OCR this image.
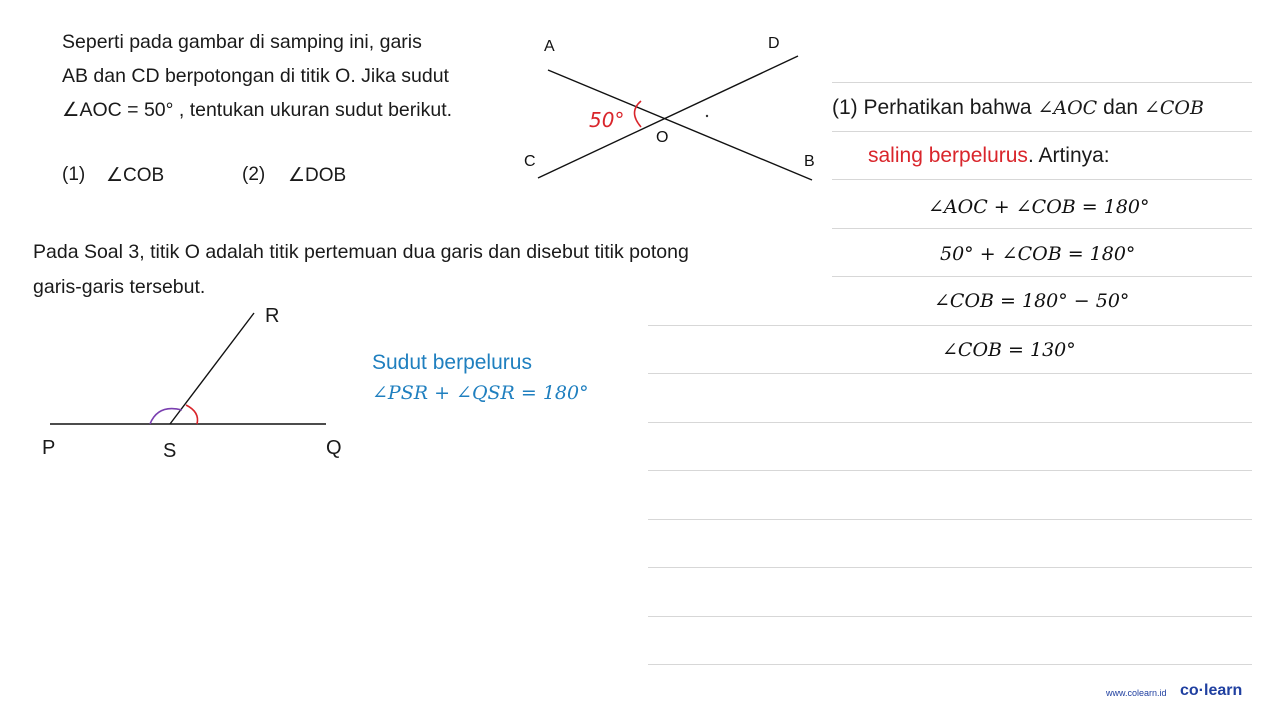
Seperti pada gambar di samping ini, garis
AB dan CD berpotongan di titik O. Jika sudut
∠AOC = 50° , tentukan ukuran sudut berikut.
(1) ∠COB	(2) ∠DOB
A	D
C	B
O
50°
Pada Soal 3, titik O adalah titik pertemuan dua garis dan disebut titik potong
garis-garis tersebut.
R
P	S	Q
Sudut berpelurus
∠PSR + ∠QSR = 180°
(1) Perhatikan bahwa ∠AOC dan ∠COB
saling berpelurus. Artinya:
∠AOC + ∠COB = 180°
50° + ∠COB = 180°
∠COB = 180° − 50°
∠COB = 130°
www.colearn.id co·learn
